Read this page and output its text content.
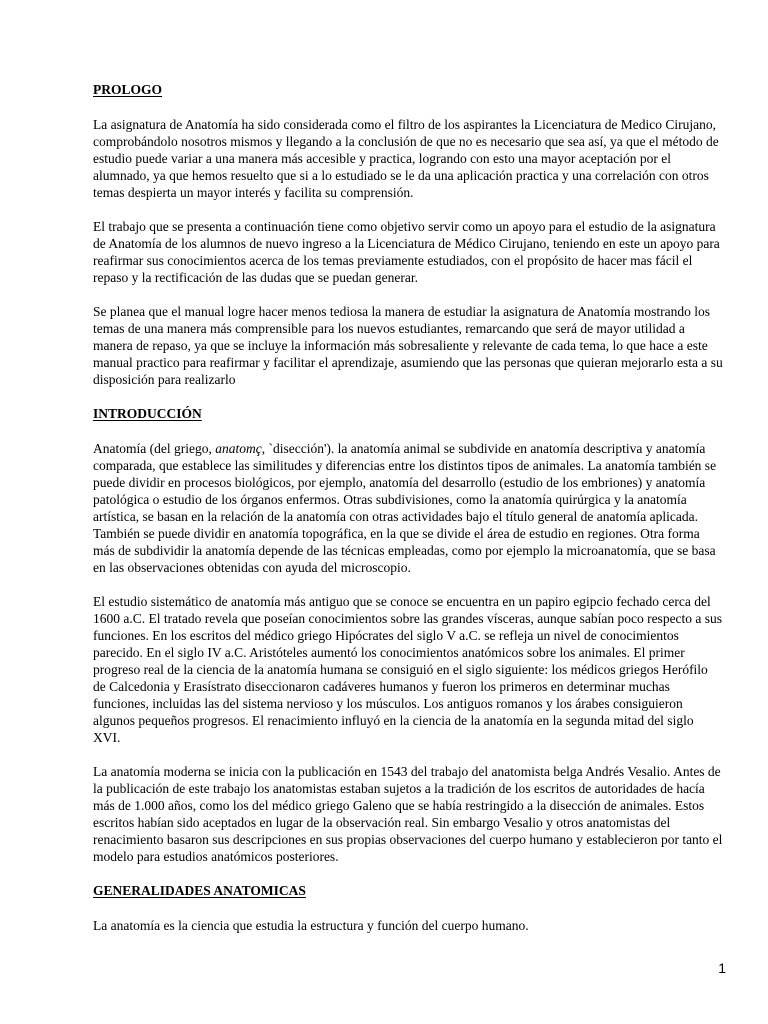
PROLOGO

La asignatura de Anatomía ha sido considerada como el filtro de los aspirantes la Licenciatura de Medico Cirujano, comprobándolo nosotros mismos y llegando a la conclusión de que no es necesario que sea así, ya que el método de estudio puede variar a una manera más accesible y practica, logrando con esto una mayor aceptación por el alumnado, ya que hemos resuelto que si a lo estudiado se le da una aplicación practica y una correlación con otros temas despierta un mayor interés y facilita su comprensión.

El trabajo que se presenta a continuación tiene como objetivo servir como un apoyo para el estudio de la asignatura de Anatomía de los alumnos de nuevo ingreso a la Licenciatura de Médico Cirujano, teniendo en este un apoyo para reafirmar sus conocimientos acerca de los temas previamente estudiados, con el propósito de hacer mas fácil el repaso y la rectificación de las dudas que se puedan generar.

Se planea que el manual logre hacer menos tediosa la manera de estudiar la asignatura de Anatomía mostrando los temas de una manera más comprensible para los nuevos estudiantes, remarcando que será de mayor utilidad a manera de repaso, ya que se incluye la información más sobresaliente y relevante de cada tema, lo que hace a este manual practico para reafirmar y facilitar el aprendizaje, asumiendo que las personas que quieran mejorarlo esta a su disposición para realizarlo

INTRODUCCIÓN

Anatomía (del griego, anatomç, `disección'). la anatomía animal se subdivide en anatomía descriptiva y anatomía comparada, que establece las similitudes y diferencias entre los distintos tipos de animales. La anatomía también se puede dividir en procesos biológicos, por ejemplo, anatomía del desarrollo (estudio de los embriones) y anatomía patológica o estudio de los órganos enfermos. Otras subdivisiones, como la anatomía quirúrgica y la anatomía artística, se basan en la relación de la anatomía con otras actividades bajo el título general de anatomía aplicada. También se puede dividir en anatomía topográfica, en la que se divide el área de estudio en regiones. Otra forma más de subdividir la anatomía depende de las técnicas empleadas, como por ejemplo la microanatomía, que se basa en las observaciones obtenidas con ayuda del microscopio.

El estudio sistemático de anatomía más antiguo que se conoce se encuentra en un papiro egipcio fechado cerca del 1600 a.C. El tratado revela que poseían conocimientos sobre las grandes vísceras, aunque sabían poco respecto a sus funciones. En los escritos del médico griego Hipócrates del siglo V a.C. se refleja un nivel de conocimientos parecido. En el siglo IV a.C. Aristóteles aumentó los conocimientos anatómicos sobre los animales. El primer progreso real de la ciencia de la anatomía humana se consiguió en el siglo siguiente: los médicos griegos Herófilo de Calcedonia y Erasístrato diseccionaron cadáveres humanos y fueron los primeros en determinar muchas funciones, incluidas las del sistema nervioso y los músculos. Los antiguos romanos y los árabes consiguieron algunos pequeños progresos. El renacimiento influyó en la ciencia de la anatomía en la segunda mitad del siglo XVI.

La anatomía moderna se inicia con la publicación en 1543 del trabajo del anatomista belga Andrés Vesalio. Antes de la publicación de este trabajo los anatomistas estaban sujetos a la tradición de los escritos de autoridades de hacía más de 1.000 años, como los del médico griego Galeno que se había restringido a la disección de animales. Estos escritos habían sido aceptados en lugar de la observación real. Sin embargo Vesalio y otros anatomistas del renacimiento basaron sus descripciones en sus propias observaciones del cuerpo humano y establecieron por tanto el modelo para estudios anatómicos posteriores.

GENERALIDADES ANATOMICAS

La anatomía es la ciencia que estudia la estructura y función del cuerpo humano.

1
